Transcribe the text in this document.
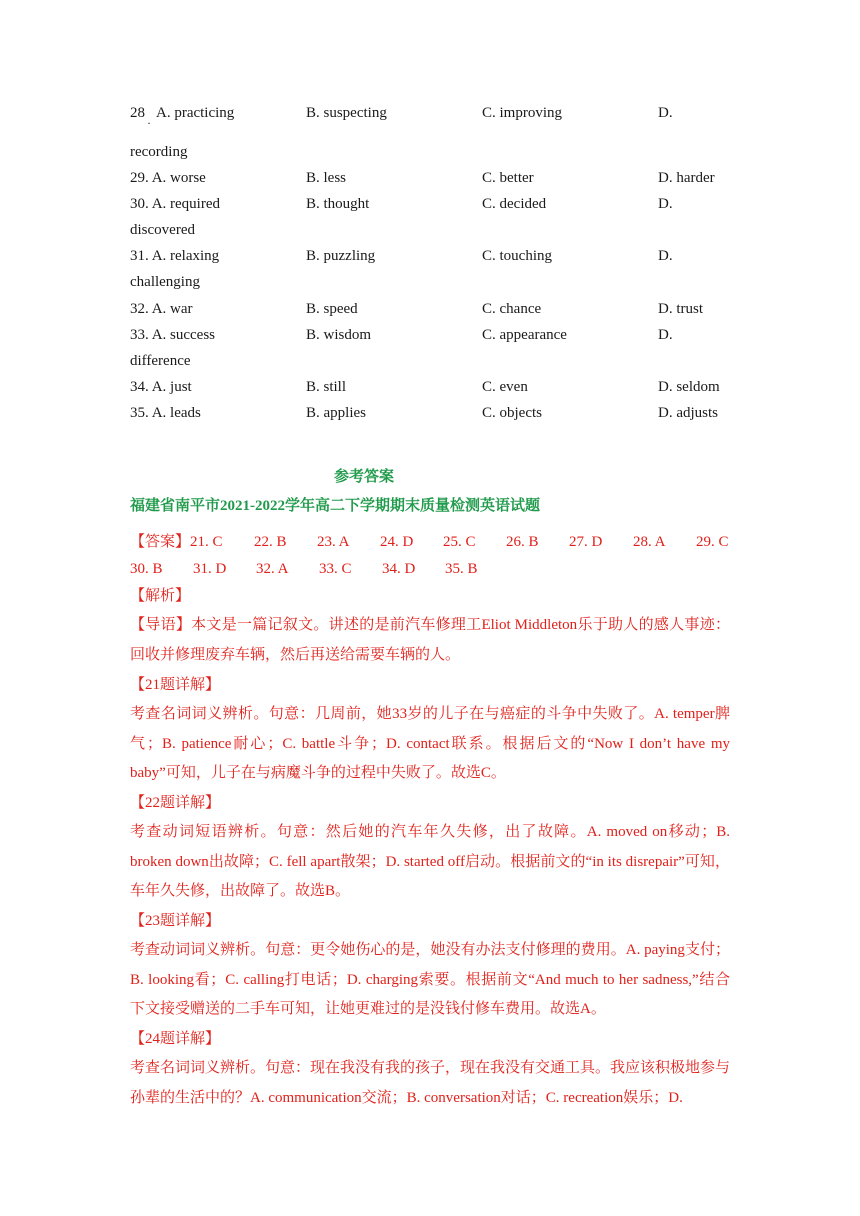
28 A. practicing	B. suspecting	C. improving	D.
·
recording
29. A. worse	B. less	C. better	D. harder
30. A. required	B. thought	C. decided	D.
discovered
31. A. relaxing	B. puzzling	C. touching	D.
challenging
32. A. war	B. speed	C. chance	D. trust
33. A. success	B. wisdom	C. appearance	D.
difference
34. A. just	B. still	C. even	D. seldom
35. A. leads	B. applies	C. objects	D. adjusts
参考答案
福建省南平市2021-2022学年高二下学期期末质量检测英语试题
【答案】 21. C 22. B 23. A 24. D 25. C 26. B 27. D 28. A 29. C
30. B 31. D 32. A 33. C 34. D 35. B
【解析】
【导语】本文是一篇记叙文。讲述的是前汽车修理工Eliot Middleton乐于助人的感人事迹：回收并修理废弃车辆，然后再送给需要车辆的人。
【21题详解】
考查名词词义辨析。句意：几周前，她33岁的儿子在与癌症的斗争中失败了。A. temper脾气；B. patience耐心；C. battle斗争；D. contact联系。根据后文的“Now I don’t have my baby”可知，儿子在与病魔斗争的过程中失败了。故选C。
【22题详解】
考查动词短语辨析。句意：然后她的汽车年久失修，出了故障。A. moved on移动；B. broken down出故障；C. fell apart散架；D. started off启动。根据前文的“in its disrepair”可知，车年久失修，出故障了。故选B。
【23题详解】
考查动词词义辨析。句意：更令她伤心的是，她没有办法支付修理的费用。A. paying支付；B. looking看；C. calling打电话；D. charging索要。根据前文“And much to her sadness,”结合下文接受赠送的二手车可知，让她更难过的是没钱付修车费用。故选A。
【24题详解】
考查名词词义辨析。句意：现在我没有我的孩子，现在我没有交通工具。我应该积极地参与孙辈的生活中的？A. communication交流；B. conversation对话；C. recreation娱乐；D.
